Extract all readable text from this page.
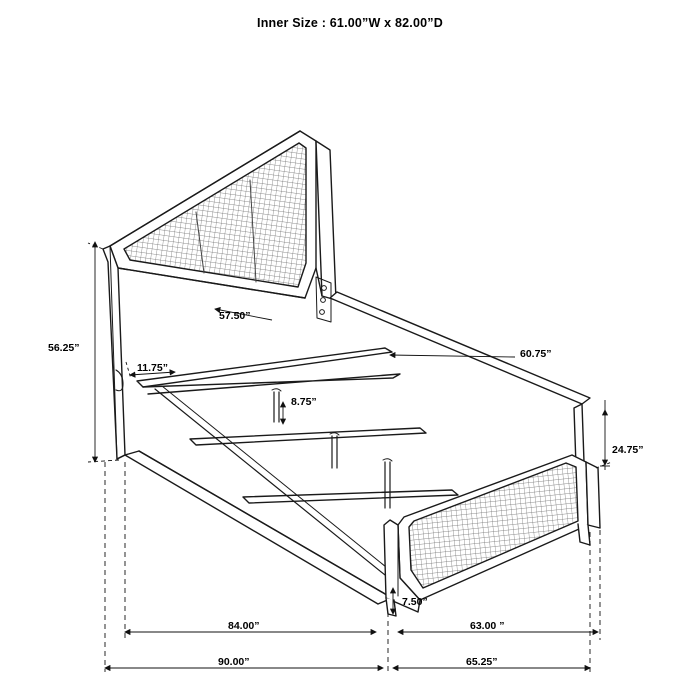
Inner Size : 61.00”W x 82.00”D
57.50”
56.25”
11.75”
60.75”
8.75”
24.75”
7.50”
84.00”	63.00 ”
90.00”	65.25”
